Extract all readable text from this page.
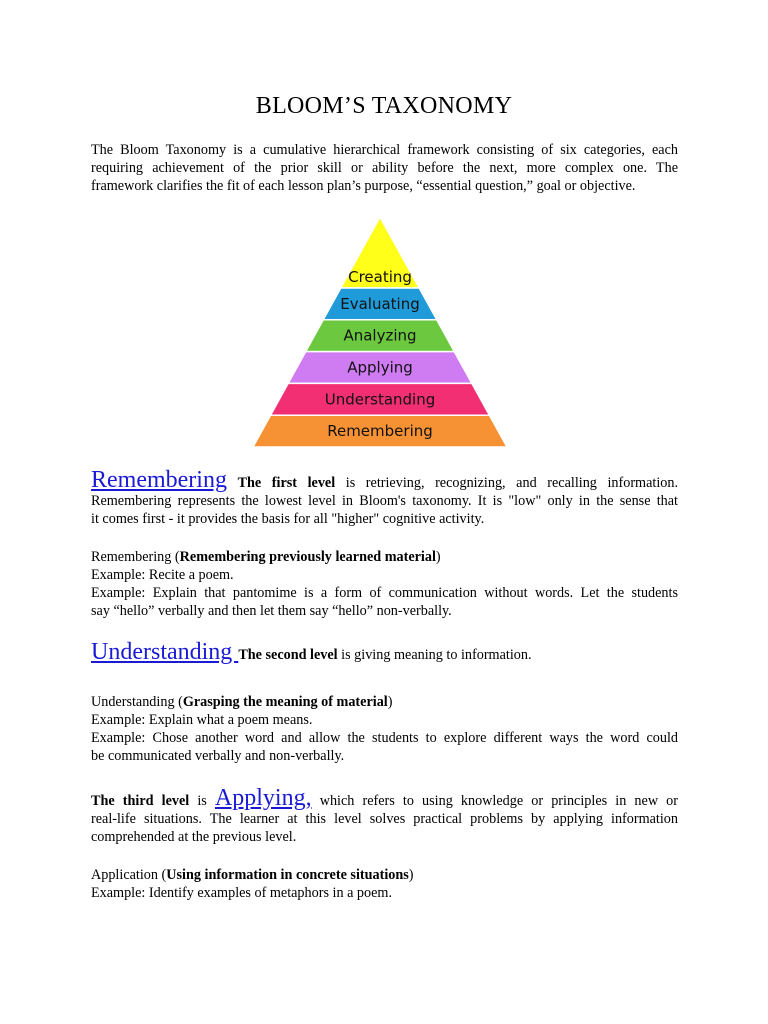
BLOOM’S TAXONOMY
The Bloom Taxonomy is a cumulative hierarchical framework consisting of six categories, each
requiring achievement of the prior skill or ability before the next, more complex one. The
framework clarifies the fit of each lesson plan’s purpose, “essential question,” goal or objective.
Creating
Evaluating
Analyzing
Applying
Understanding
Remembering
Remembering The first level is retrieving, recognizing, and recalling information.
Remembering represents the lowest level in Bloom's taxonomy. It is "low" only in the sense that
it comes first - it provides the basis for all "higher" cognitive activity.
Remembering (Remembering previously learned material)
Example: Recite a poem.
Example: Explain that pantomime is a form of communication without words. Let the students
say “hello” verbally and then let them say “hello” non-verbally.
Understanding The second level is giving meaning to information.
Understanding (Grasping the meaning of material)
Example: Explain what a poem means.
Example: Chose another word and allow the students to explore different ways the word could
be communicated verbally and non-verbally.
The third level is Applying, which refers to using knowledge or principles in new or
real-life situations. The learner at this level solves practical problems by applying information
comprehended at the previous level.
Application (Using information in concrete situations)
Example: Identify examples of metaphors in a poem.
